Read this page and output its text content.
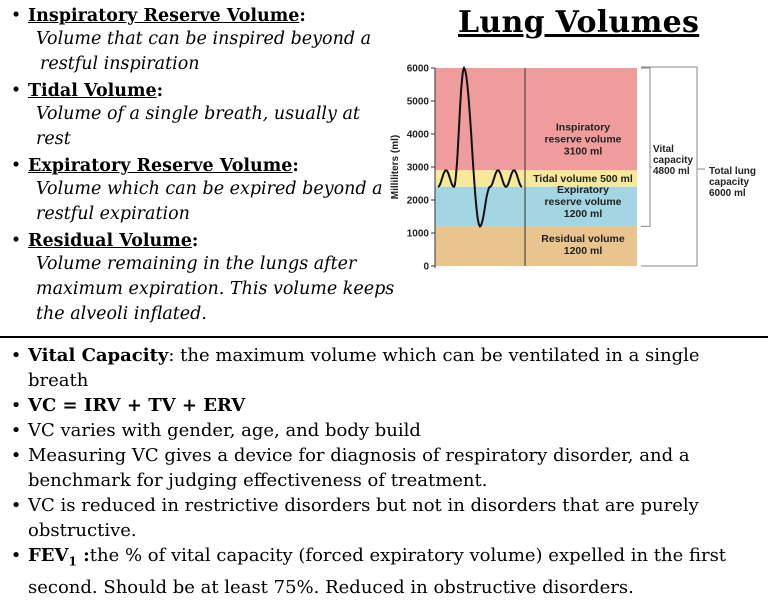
Lung Volumes
• Inspiratory Reserve Volume:
Volume that can be inspired beyond a
restful inspiration
• Tidal Volume:
Volume of a single breath, usually at
rest
• Expiratory Reserve Volume:
Volume which can be expired beyond a
restful expiration
• Residual Volume:
Volume remaining in the lungs after
maximum expiration. This volume keeps
the alveoli inflated.
6000
5000
4000
3000
2000
1000
0
Milliliters (ml)
Inspiratory
reserve volume
3100 ml
Tidal volume 500 ml
Expiratory
reserve volume
1200 ml
Residual volume
1200 ml
Vital
capacity
4800 ml Total lung
capacity
6000 ml
• Vital Capacity: the maximum volume which can be ventilated in a single breath
• VC = IRV + TV + ERV
• VC varies with gender, age, and body build
• Measuring VC gives a device for diagnosis of respiratory disorder, and a
benchmark for judging effectiveness of treatment.
• VC is reduced in restrictive disorders but not in disorders that are purely
obstructive.
• $FEV_1$ :the % of vital capacity (forced expiratory volume) expelled in the first
second. Should be at least 75%. Reduced in obstructive disorders.
